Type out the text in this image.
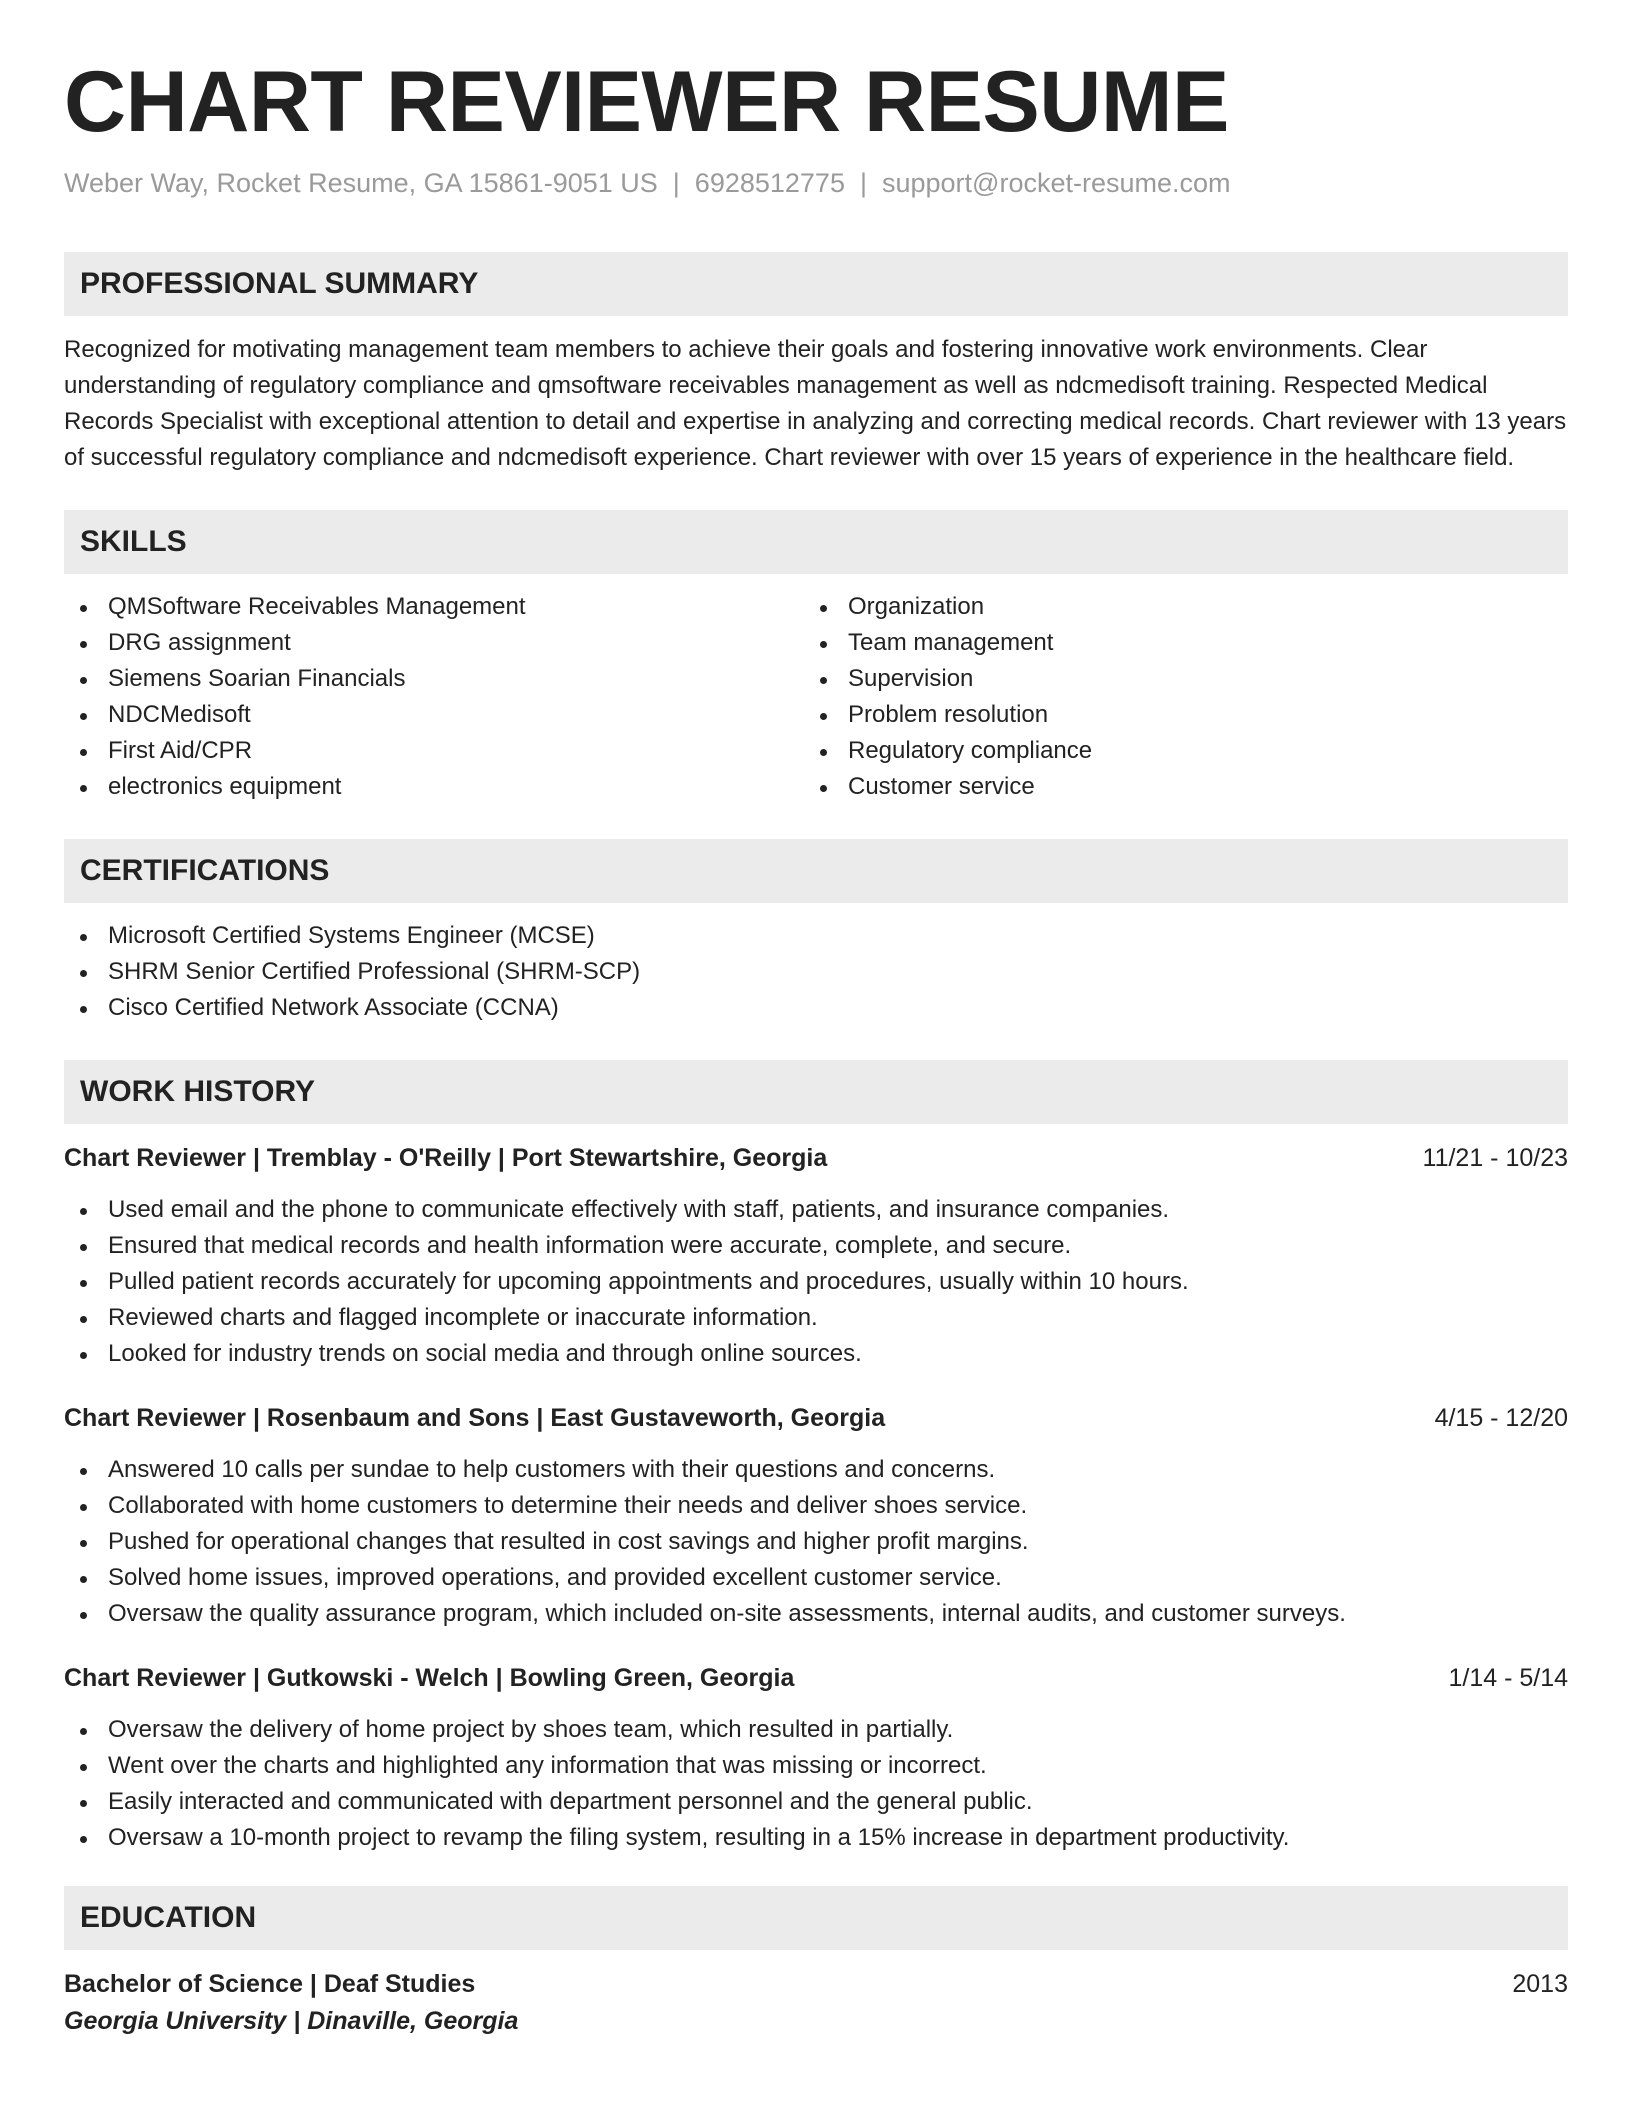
CHART REVIEWER RESUME
Weber Way, Rocket Resume, GA 15861-9051 US | 6928512775 | support@rocket-resume.com
PROFESSIONAL SUMMARY

Recognized for motivating management team members to achieve their goals and fostering innovative work environments. Clear understanding of regulatory compliance and qmsoftware receivables management as well as ndcmedisoft training. Respected Medical Records Specialist with exceptional attention to detail and expertise in analyzing and correcting medical records. Chart reviewer with 13 years of successful regulatory compliance and ndcmedisoft experience. Chart reviewer with over 15 years of experience in the healthcare field.

SKILLS
QMSoftware Receivables Management
DRG assignment
Siemens Soarian Financials
NDCMedisoft
First Aid/CPR
electronics equipment
Organization
Team management
Supervision
Problem resolution
Regulatory compliance
Customer service
CERTIFICATIONS
Microsoft Certified Systems Engineer (MCSE)
SHRM Senior Certified Professional (SHRM-SCP)
Cisco Certified Network Associate (CCNA)
WORK HISTORY
Chart Reviewer | Tremblay - O'Reilly | Port Stewartshire, Georgia	11/21 - 10/23
Used email and the phone to communicate effectively with staff, patients, and insurance companies.
Ensured that medical records and health information were accurate, complete, and secure.
Pulled patient records accurately for upcoming appointments and procedures, usually within 10 hours.
Reviewed charts and flagged incomplete or inaccurate information.
Looked for industry trends on social media and through online sources.
Chart Reviewer | Rosenbaum and Sons | East Gustaveworth, Georgia	4/15 - 12/20
Answered 10 calls per sundae to help customers with their questions and concerns.
Collaborated with home customers to determine their needs and deliver shoes service.
Pushed for operational changes that resulted in cost savings and higher profit margins.
Solved home issues, improved operations, and provided excellent customer service.
Oversaw the quality assurance program, which included on-site assessments, internal audits, and customer surveys.
Chart Reviewer | Gutkowski - Welch | Bowling Green, Georgia	1/14 - 5/14
Oversaw the delivery of home project by shoes team, which resulted in partially.
Went over the charts and highlighted any information that was missing or incorrect.
Easily interacted and communicated with department personnel and the general public.
Oversaw a 10-month project to revamp the filing system, resulting in a 15% increase in department productivity.
EDUCATION
Bachelor of Science | Deaf Studies	2013
Georgia University | Dinaville, Georgia
